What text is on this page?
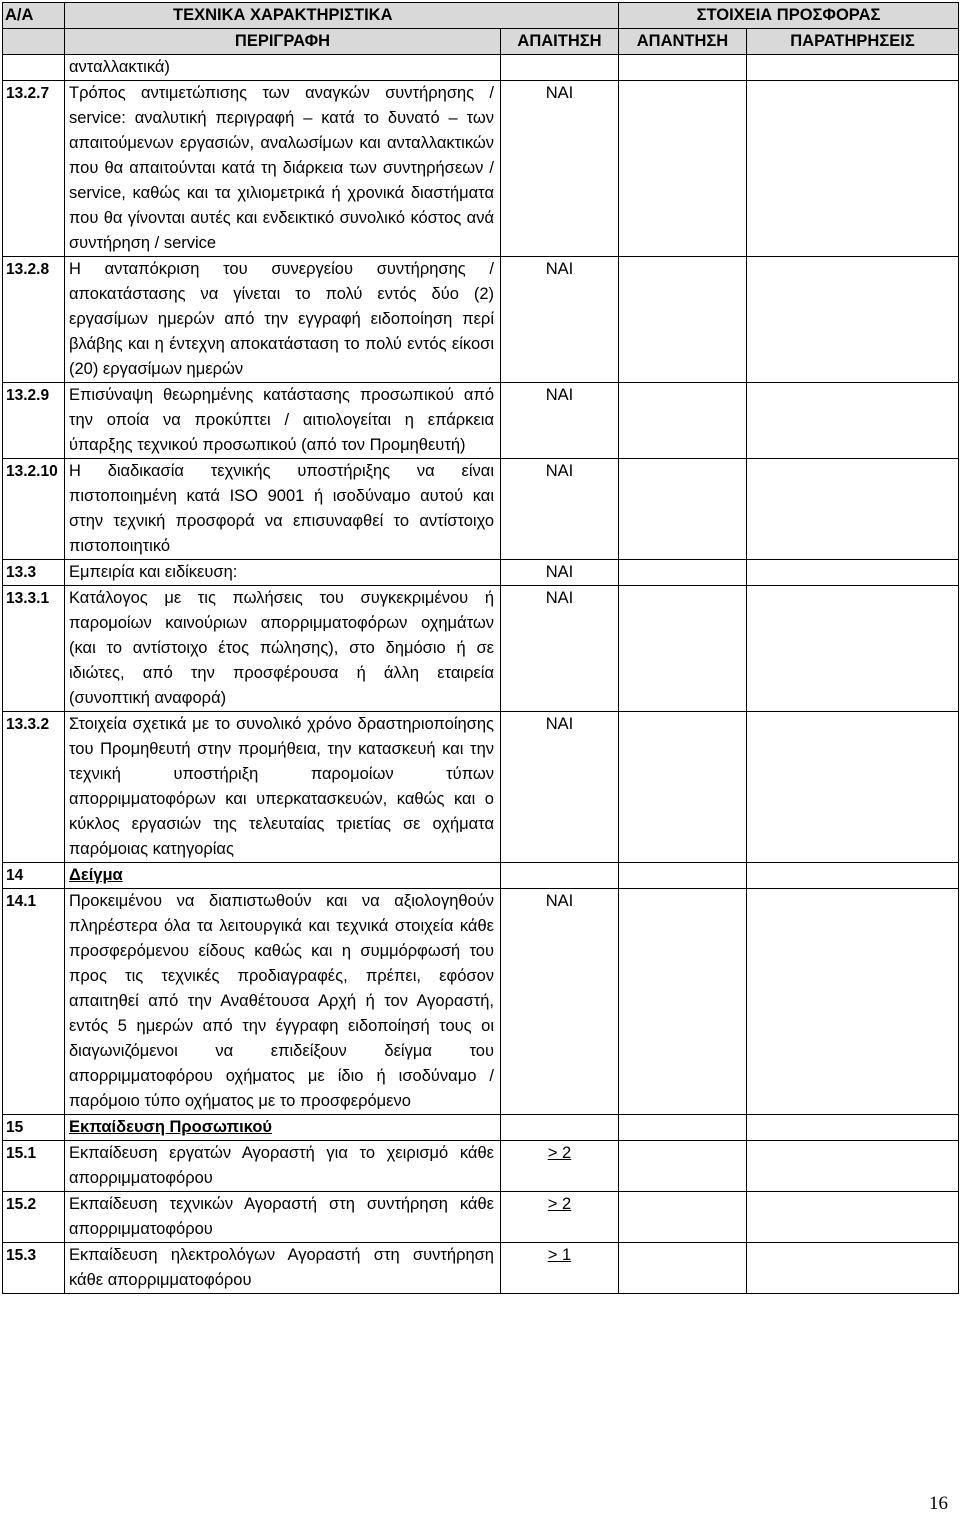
Α/Α	ΤΕΧΝΙΚΑ ΧΑΡΑΚΤΗΡΙΣΤΙΚΑ		ΣΤΟΙΧΕΙΑ ΠΡΟΣΦΟΡΑΣ	
	ΠΕΡΙΓΡΑΦΗ	ΑΠΑΙΤΗΣΗ	ΑΠΑΝΤΗΣΗ	ΠΑΡΑΤΗΡΗΣΕΙΣ
	ανταλλακτικά)			
13.2.7	Τρόπος αντιμετώπισης των αναγκών συντήρησης / service: αναλυτική περιγραφή – κατά το δυνατό – των απαιτούμενων εργασιών, αναλωσίμων και ανταλλακτικών που θα απαιτούνται κατά τη διάρκεια των συντηρήσεων / service, καθώς και τα χιλιομετρικά ή χρονικά διαστήματα που θα γίνονται αυτές και ενδεικτικό συνολικό κόστος ανά συντήρηση / service	ΝΑΙ		
13.2.8	Η ανταπόκριση του συνεργείου συντήρησης / αποκατάστασης να γίνεται το πολύ εντός δύο (2) εργασίμων ημερών από την εγγραφή ειδοποίηση περί βλάβης και η έντεχνη αποκατάσταση το πολύ εντός είκοσι (20) εργασίμων ημερών	ΝΑΙ		
13.2.9	Επισύναψη θεωρημένης κατάστασης προσωπικού από την οποία να προκύπτει / αιτιολογείται η επάρκεια ύπαρξης τεχνικού προσωπικού (από τον Προμηθευτή)	ΝΑΙ		
13.2.10	Η διαδικασία τεχνικής υποστήριξης να είναι πιστοποιημένη κατά ISO 9001 ή ισοδύναμο αυτού και στην τεχνική προσφορά να επισυναφθεί το αντίστοιχο πιστοποιητικό	ΝΑΙ		
13.3	Εμπειρία και ειδίκευση:	ΝΑΙ		
13.3.1	Κατάλογος με τις πωλήσεις του συγκεκριμένου ή παρομοίων καινούριων απορριμματοφόρων οχημάτων (και το αντίστοιχο έτος πώλησης), στο δημόσιο ή σε ιδιώτες, από την προσφέρουσα ή άλλη εταιρεία (συνοπτική αναφορά)	ΝΑΙ		
13.3.2	Στοιχεία σχετικά με το συνολικό χρόνο δραστηριοποίησης του Προμηθευτή στην προμήθεια, την κατασκευή και την τεχνική υποστήριξη παρομοίων τύπων απορριμματοφόρων και υπερκατασκευών, καθώς και ο κύκλος εργασιών της τελευταίας τριετίας σε οχήματα παρόμοιας κατηγορίας	ΝΑΙ		
14	Δείγμα			
14.1	Προκειμένου να διαπιστωθούν και να αξιολογηθούν πληρέστερα όλα τα λειτουργικά και τεχνικά στοιχεία κάθε προσφερόμενου είδους καθώς και η συμμόρφωσή του προς τις τεχνικές προδιαγραφές, πρέπει, εφόσον απαιτηθεί από την Αναθέτουσα Αρχή ή τον Αγοραστή, εντός 5 ημερών από την έγγραφη ειδοποίησή τους οι διαγωνιζόμενοι να επιδείξουν δείγμα του απορριμματοφόρου οχήματος με ίδιο ή ισοδύναμο / παρόμοιο τύπο οχήματος με το προσφερόμενο	ΝΑΙ		
15	Εκπαίδευση Προσωπικού			
15.1	Εκπαίδευση εργατών Αγοραστή για το χειρισμό κάθε απορριμματοφόρου	> 2		
15.2	Εκπαίδευση τεχνικών Αγοραστή στη συντήρηση κάθε απορριμματοφόρου	> 2		
15.3	Εκπαίδευση ηλεκτρολόγων Αγοραστή στη συντήρηση κάθε απορριμματοφόρου	> 1		
16
